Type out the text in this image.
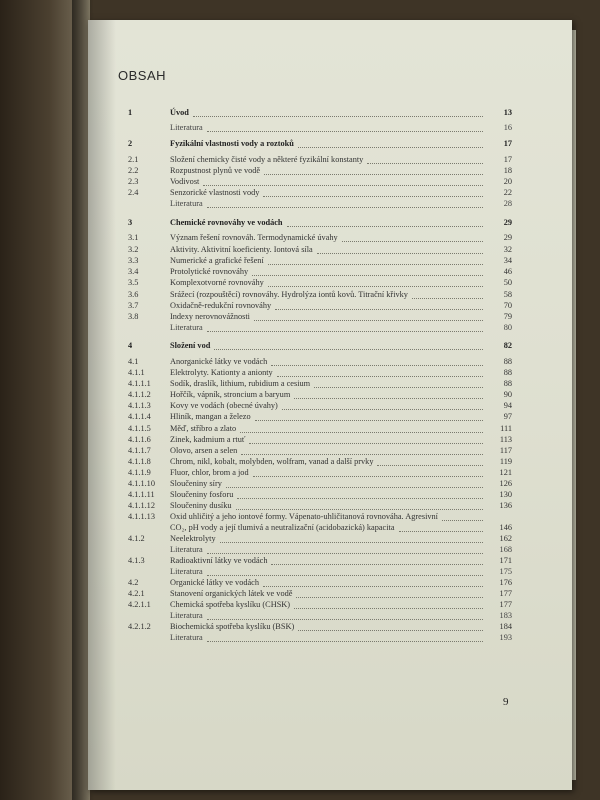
OBSAH
1	Úvod	13
Literatura	16
2	Fyzikální vlastnosti vody a roztoků	17
2.1	Složení chemicky čisté vody a některé fyzikální konstanty	17
2.2	Rozpustnost plynů ve vodě	18
2.3	Vodivost	20
2.4	Senzorické vlastnosti vody	22
Literatura	28
3	Chemické rovnováhy ve vodách	29
3.1	Význam řešení rovnováh. Termodynamické úvahy	29
3.2	Aktivity. Aktivitní koeficienty. Iontová síla	32
3.3	Numerické a grafické řešení	34
3.4	Protolytické rovnováhy	46
3.5	Komplexotvorné rovnováhy	50
3.6	Srážecí (rozpouštěcí) rovnováhy. Hydrolýza iontů kovů. Titrační křivky	58
3.7	Oxidačně-redukční rovnováhy	70
3.8	Indexy nerovnovážnosti	79
Literatura	80
4	Složení vod	82
4.1	Anorganické látky ve vodách	88
4.1.1	Elektrolyty. Kationty a anionty	88
4.1.1.1 Sodík, draslík, lithium, rubidium a cesium	88
4.1.1.2 Hořčík, vápník, stroncium a baryum	90
4.1.1.3 Kovy ve vodách (obecné úvahy)	94
4.1.1.4 Hliník, mangan a železo	97
4.1.1.5 Měď, stříbro a zlato	111
4.1.1.6 Zinek, kadmium a rtuť	113
4.1.1.7 Olovo, arsen a selen	117
4.1.1.8 Chrom, nikl, kobalt, molybden, wolfram, vanad a další prvky	119
4.1.1.9 Fluor, chlor, brom a jod	121
4.1.1.10 Sloučeniny síry	126
4.1.1.11 Sloučeniny fosforu	130
4.1.1.12 Sloučeniny dusíku	136
4.1.1.13 Oxid uhličitý a jeho iontové formy. Vápenato-uhličitanová rovnováha. Agresivní
CO₂, pH vody a její tlumivá a neutralizační (acidobazická) kapacita	146
4.1.2	Neelektrolyty	162
Literatura	168
4.1.3	Radioaktivní látky ve vodách	171
Literatura	175
4.2	Organické látky ve vodách	176
4.2.1	Stanovení organických látek ve vodě	177
4.2.1.1 Chemická spotřeba kyslíku (CHSK)	177
Literatura	183
4.2.1.2 Biochemická spotřeba kyslíku (BSK)	184
Literatura	193
9
